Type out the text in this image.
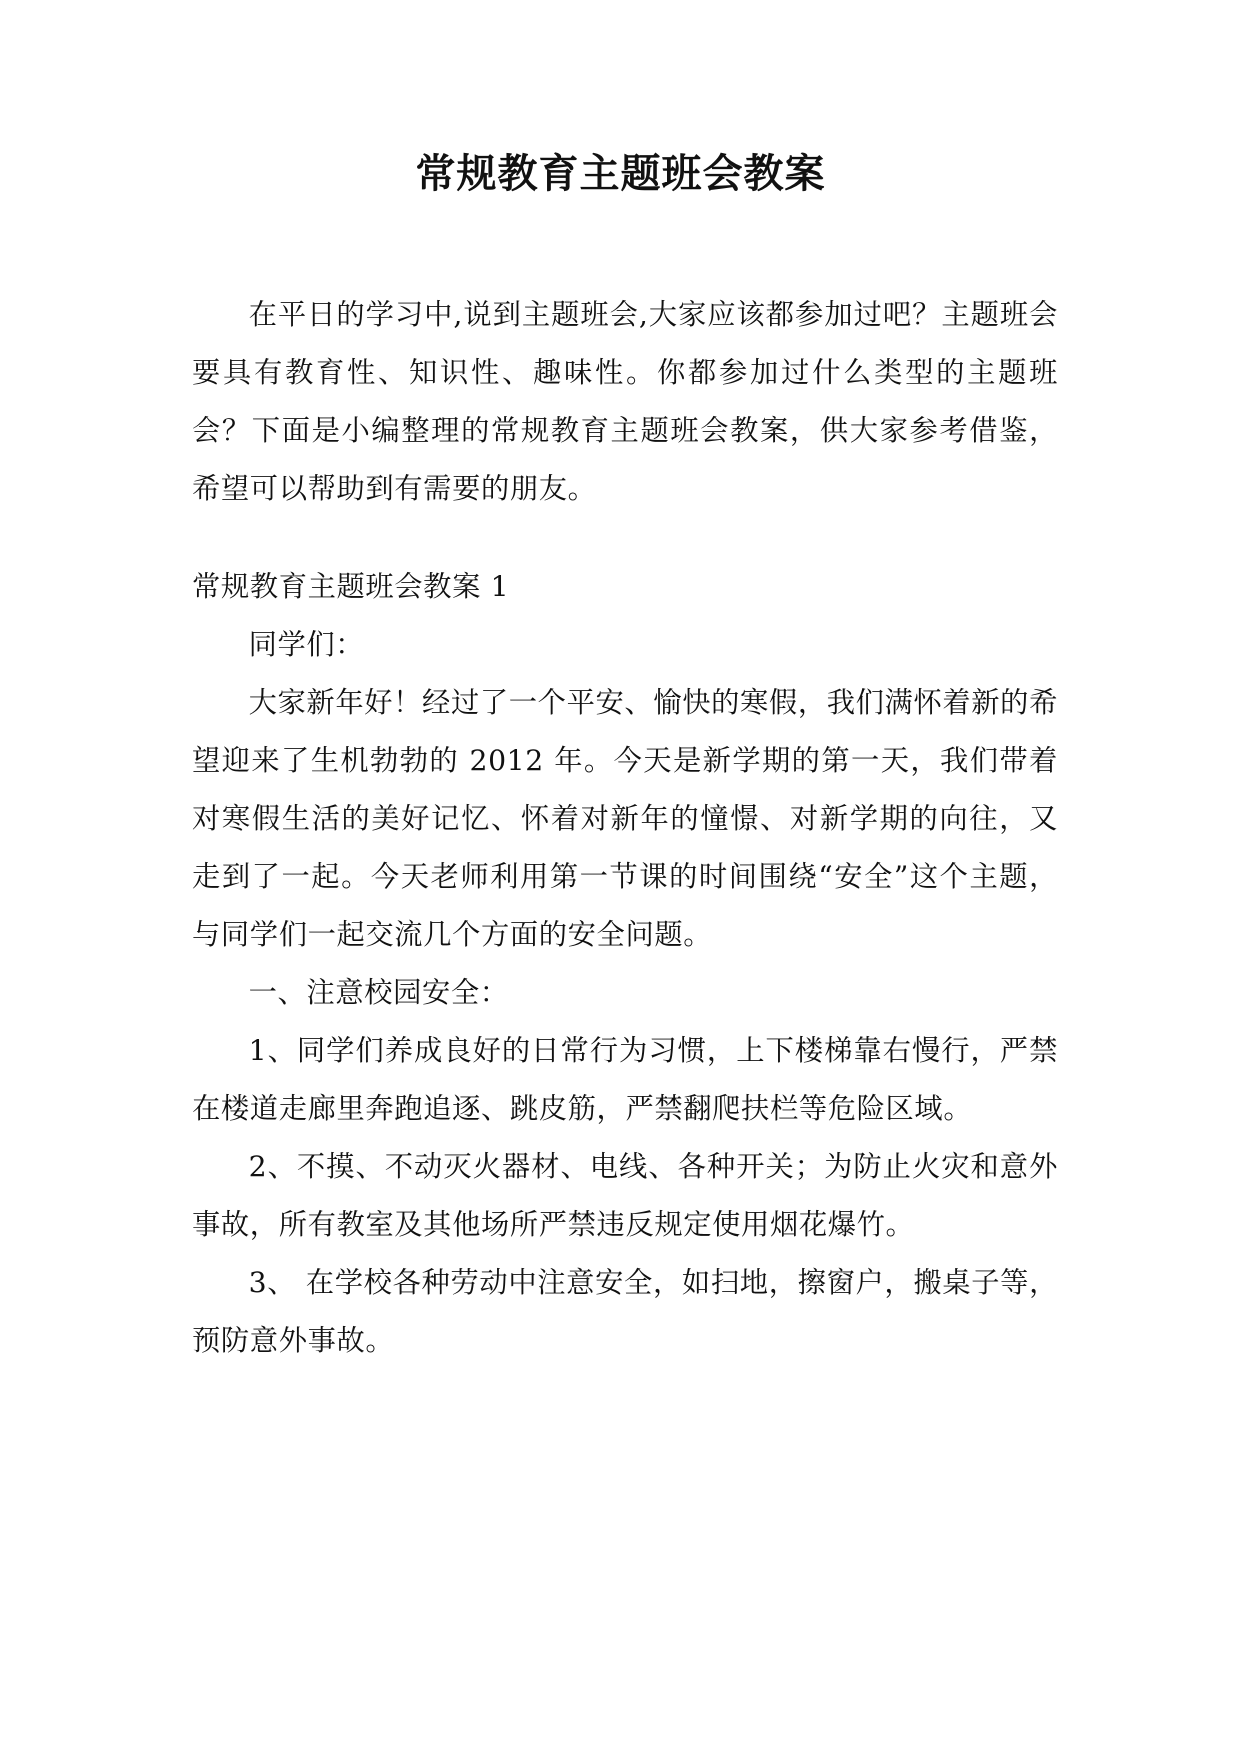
常规教育主题班会教案

在平日的学习中,说到主题班会,大家应该都参加过吧？主题班会要具有教育性、知识性、趣味性。你都参加过什么类型的主题班会？下面是小编整理的常规教育主题班会教案，供大家参考借鉴，希望可以帮助到有需要的朋友。

常规教育主题班会教案 1

同学们：

大家新年好！经过了一个平安、愉快的寒假，我们满怀着新的希望迎来了生机勃勃的 2012 年。今天是新学期的第一天，我们带着对寒假生活的美好记忆、怀着对新年的憧憬、对新学期的向往，又走到了一起。今天老师利用第一节课的时间围绕“安全”这个主题，与同学们一起交流几个方面的安全问题。

一、注意校园安全：

1、同学们养成良好的日常行为习惯，上下楼梯靠右慢行，严禁在楼道走廊里奔跑追逐、跳皮筋，严禁翻爬扶栏等危险区域。

2、不摸、不动灭火器材、电线、各种开关；为防止火灾和意外事故，所有教室及其他场所严禁违反规定使用烟花爆竹。

3、 在学校各种劳动中注意安全，如扫地，擦窗户，搬桌子等，预防意外事故。
